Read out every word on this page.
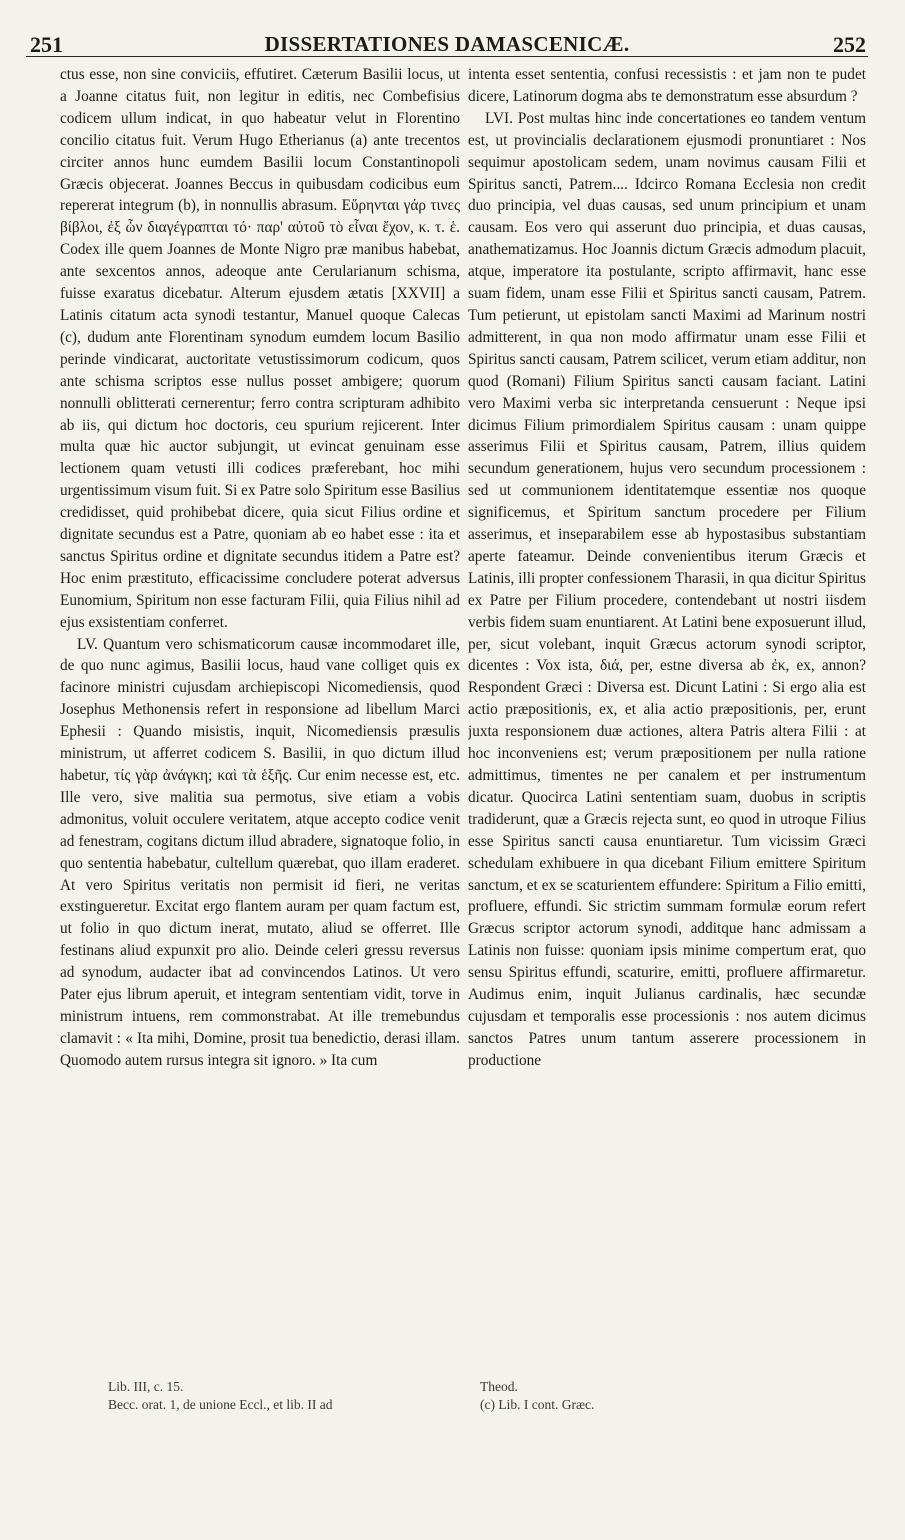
251	DISSERTATIONES DAMASCENICÆ.	252

ctus esse, non sine conviciis, effutiret. Cæterum Basilii locus, ut a Joanne citatus fuit, non legitur in editis, nec Combefisius codicem ullum indicat, in quo habeatur velut in Florentino concilio citatus fuit. Verum Hugo Etherianus (a) ante trecentos circiter annos hunc eumdem Basilii locum Constantinopoli Græcis objecerat. Joannes Beccus in quibusdam codicibus eum repererat integrum (b), in nonnullis abrasum. Εὕρηνται γάρ τινες βίβλοι, ἐξ ὧν διαγέγραπται τό· παρ' αὐτοῦ τὸ εἶναι ἔχον, κ. τ. ἑ. Codex ille quem Joannes de Monte Nigro præ manibus habebat, ante sexcentos annos, adeoque ante Cerularianum schisma, fuisse exaratus dicebatur. Alterum ejusdem ætatis [XXVII] a Latinis citatum acta synodi testantur, Manuel quoque Calecas (c), dudum ante Florentinam synodum eumdem locum Basilio perinde vindicarat, auctoritate vetustissimorum codicum, quos ante schisma scriptos esse nullus posset ambigere; quorum nonnulli oblitterati cernerentur; ferro contra scripturam adhibito ab iis, qui dictum hoc doctoris, ceu spurium rejicerent. Inter multa quæ hic auctor subjungit, ut evincat genuinam esse lectionem quam vetusti illi codices præferebant, hoc mihi urgentissimum visum fuit. Si ex Patre solo Spiritum esse Basilius credidisset, quid prohibebat dicere, quia sicut Filius ordine et dignitate secundus est a Patre, quoniam ab eo habet esse : ita et sanctus Spiritus ordine et dignitate secundus itidem a Patre est? Hoc enim præstituto, efficacissime concludere poterat adversus Eunomium, Spiritum non esse facturam Filii, quia Filius nihil ad ejus exsistentiam conferret.

LV. Quantum vero schismaticorum causæ incommodaret ille, de quo nunc agimus, Basilii locus, haud vane colliget quis ex facinore ministri cujusdam archiepiscopi Nicomediensis, quod Josephus Methonensis refert in responsione ad libellum Marci Ephesii : Quando misistis, inquit, Nicomediensis præsulis ministrum, ut afferret codicem S. Basilii, in quo dictum illud habetur, τίς γὰρ ἀνάγκη; καὶ τὰ ἑξῆς. Cur enim necesse est, etc. Ille vero, sive malitia sua permotus, sive etiam a vobis admonitus, voluit occulere veritatem, atque accepto codice venit ad fenestram, cogitans dictum illud abradere, signatoque folio, in quo sententia habebatur, cultellum quærebat, quo illam eraderet. At vero Spiritus veritatis non permisit id fieri, ne veritas exstingueretur. Excitat ergo flantem auram per quam factum est, ut folio in quo dictum inerat, mutato, aliud se offerret. Ille festinans aliud expunxit pro alio. Deinde celeri gressu reversus ad synodum, audacter ibat ad convincendos Latinos. Ut vero Pater ejus librum aperuit, et integram sententiam vidit, torve in ministrum intuens, rem commonstrabat. At ille tremebundus clamavit : « Ita mihi, Domine, prosit tua benedictio, derasi illam. Quomodo autem rursus integra sit ignoro. » Ita cum

intenta esset sententia, confusi recessistis : et jam non te pudet dicere, Latinorum dogma abs te demonstratum esse absurdum ?

LVI. Post multas hinc inde concertationes eo tandem ventum est, ut provincialis declarationem ejusmodi pronuntiaret : Nos sequimur apostolicam sedem, unam novimus causam Filii et Spiritus sancti, Patrem.... Idcirco Romana Ecclesia non credit duo principia, vel duas causas, sed unum principium et unam causam. Eos vero qui asserunt duo principia, et duas causas, anathematizamus. Hoc Joannis dictum Græcis admodum placuit, atque, imperatore ita postulante, scripto affirmavit, hanc esse suam fidem, unam esse Filii et Spiritus sancti causam, Patrem. Tum petierunt, ut epistolam sancti Maximi ad Marinum nostri admitterent, in qua non modo affirmatur unam esse Filii et Spiritus sancti causam, Patrem scilicet, verum etiam additur, non quod (Romani) Filium Spiritus sancti causam faciant. Latini vero Maximi verba sic interpretanda censuerunt : Neque ipsi dicimus Filium primordialem Spiritus causam : unam quippe asserimus Filii et Spiritus causam, Patrem, illius quidem secundum generationem, hujus vero secundum processionem : sed ut communionem identitatemque essentiæ nos quoque significemus, et Spiritum sanctum procedere per Filium asserimus, et inseparabilem esse ab hypostasibus substantiam aperte fateamur. Deinde convenientibus iterum Græcis et Latinis, illi propter confessionem Tharasii, in qua dicitur Spiritus ex Patre per Filium procedere, contendebant ut nostri iisdem verbis fidem suam enuntiarent. At Latini bene exposuerunt illud, per, sicut volebant, inquit Græcus actorum synodi scriptor, dicentes : Vox ista, διά, per, estne diversa ab ἐκ, ex, annon? Respondent Græci : Diversa est. Dicunt Latini : Si ergo alia est actio præpositionis, ex, et alia actio præpositionis, per, erunt juxta responsionem duæ actiones, altera Patris altera Filii : at hoc inconveniens est; verum præpositionem per nulla ratione admittimus, timentes ne per canalem et per instrumentum dicatur. Quocirca Latini sententiam suam, duobus in scriptis tradiderunt, quæ a Græcis rejecta sunt, eo quod in utroque Filius esse Spiritus sancti causa enuntiaretur. Tum vicissim Græci schedulam exhibuere in qua dicebant Filium emittere Spiritum sanctum, et ex se scaturientem effundere: Spiritum a Filio emitti, profluere, effundi. Sic strictim summam formulæ eorum refert Græcus scriptor actorum synodi, additque hanc admissam a Latinis non fuisse: quoniam ipsis minime compertum erat, quo sensu Spiritus effundi, scaturire, emitti, profluere affirmaretur. Audimus enim, inquit Julianus cardinalis, hæc secundæ cujusdam et temporalis esse processionis : nos autem dicimus sanctos Patres unum tantum asserere processionem in productione

Lib. III, c. 15.
Becc. orat. 1, de unione Eccl., et lib. II ad
Theod.
(c) Lib. I cont. Græc.
